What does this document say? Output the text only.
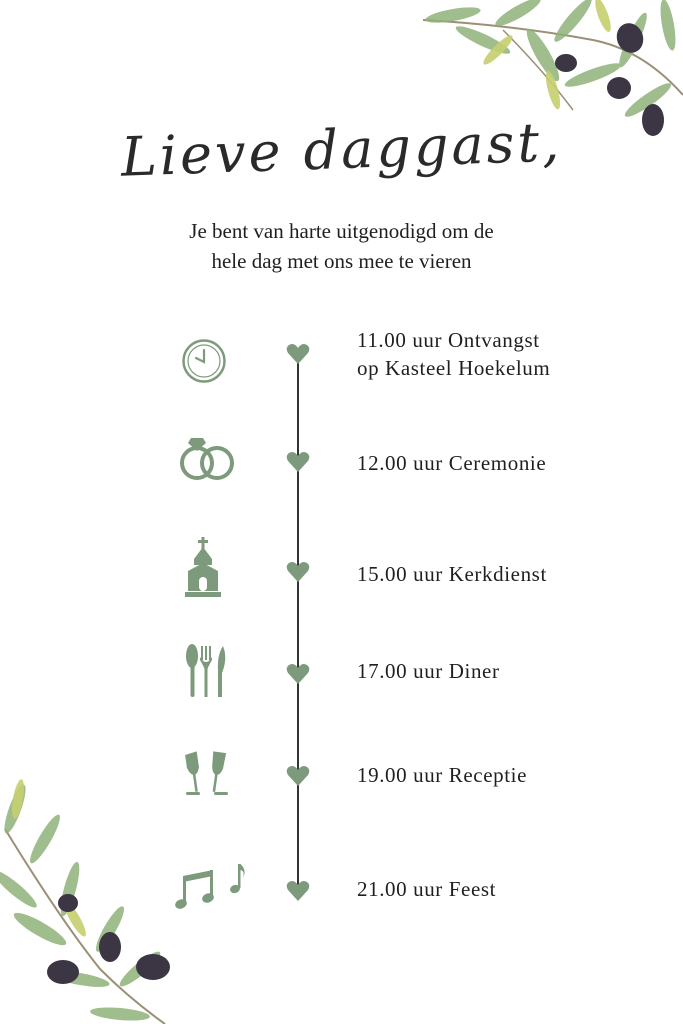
Lieve daggast,
Je bent van harte uitgenodigd om de
hele dag met ons mee te vieren
11.00 uur Ontvangst
op Kasteel Hoekelum
12.00 uur Ceremonie
15.00 uur Kerkdienst
17.00 uur Diner
19.00 uur Receptie
21.00 uur Feest
